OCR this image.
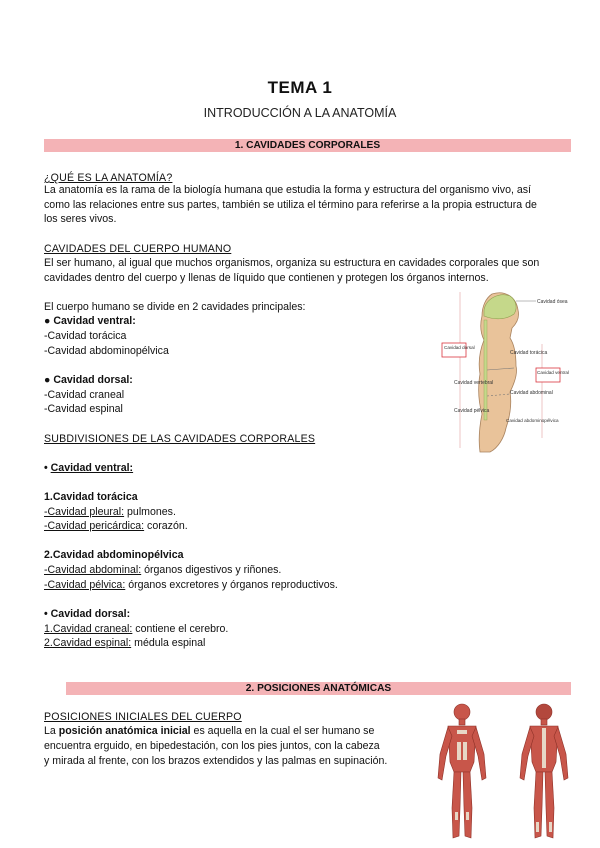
TEMA 1
INTRODUCCIÓN A LA ANATOMÍA
1. CAVIDADES CORPORALES
¿QUÉ ES LA ANATOMÍA?
La anatomía es la rama de la biología humana que estudia la forma y estructura del organismo vivo, así
como las relaciones entre sus partes, también se utiliza el término para referirse a la propia estructura de
los seres vivos.
CAVIDADES DEL CUERPO HUMANO
El ser humano, al igual que muchos organismos, organiza su estructura en cavidades corporales que son
cavidades dentro del cuerpo y llenas de líquido que contienen y protegen los órganos internos.
El cuerpo humano se divide en 2 cavidades principales:
● Cavidad ventral:
-Cavidad torácica
-Cavidad abdominopélvica
● Cavidad dorsal:
-Cavidad craneal
-Cavidad espinal
SUBDIVISIONES DE LAS CAVIDADES CORPORALES
• Cavidad ventral:
1.Cavidad torácica
-Cavidad pleural: pulmones.
-Cavidad pericárdica: corazón.
2.Cavidad abdominopélvica
-Cavidad abdominal: órganos digestivos y riñones.
-Cavidad pélvica: órganos excretores y órganos reproductivos.
• Cavidad dorsal:
1.Cavidad craneal: contiene el cerebro.
2.Cavidad espinal: médula espinal
Cavidad ósea
Cavidad dorsal
Cavidad torácica
Cavidad ventral
Cavidad vertebral
Cavidad abdominal
Cavidad pélvica
Cavidad abdominopélvica
2. POSICIONES ANATÓMICAS
POSICIONES INICIALES DEL CUERPO
La posición anatómica inicial es aquella en la cual el ser humano se
encuentra erguido, en bipedestación, con los pies juntos, con la cabeza
y mirada al frente, con los brazos extendidos y las palmas en supinación.
